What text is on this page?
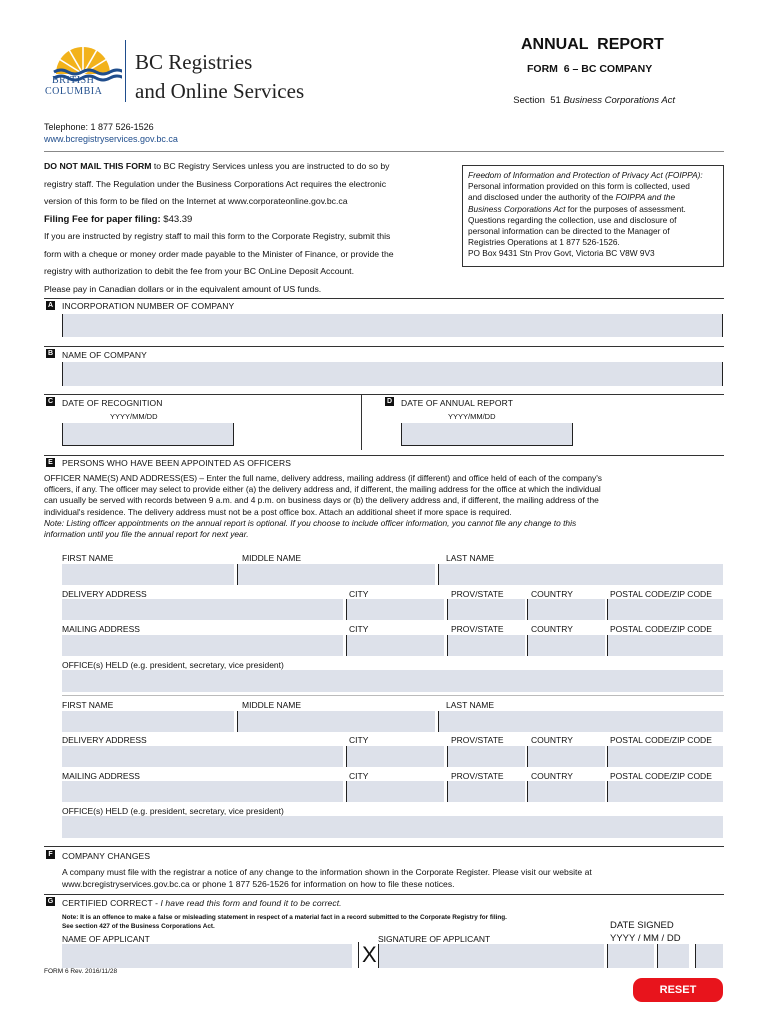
BRITISH
COLUMBIA
BC Registries
and Online Services
ANNUAL  REPORT
FORM  6 – BC COMPANY

Section  51 Business Corporations Act

Telephone: 1 877 526-1526
www.bcregistryservices.gov.bc.ca
DO NOT MAIL THIS FORM to BC Registry Services unless you are instructed to do so by
registry staff. The Regulation under the Business Corporations Act requires the electronic
version of this form to be filed on the Internet at www.corporateonline.gov.bc.ca
Filing Fee for paper filing: $43.39
If you are instructed by registry staff to mail this form to the Corporate Registry, submit this
form with a cheque or money order made payable to the Minister of Finance, or provide the
registry with authorization to debit the fee from your BC OnLine Deposit Account.
Please pay in Canadian dollars or in the equivalent amount of US funds.
Freedom of Information and Protection of Privacy Act (FOIPPA):
Personal information provided on this form is collected, used
and disclosed under the authority of the FOIPPA and the
Business Corporations Act for the purposes of assessment.
Questions regarding the collection, use and disclosure of
personal information can be directed to the Manager of
Registries Operations at 1 877 526-1526.
PO Box 9431 Stn Prov Govt, Victoria BC V8W 9V3
A INCORPORATION NUMBER OF COMPANY
B NAME OF COMPANY
C DATE OF RECOGNITION
YYYY/MM/DD
D DATE OF ANNUAL REPORT
YYYY/MM/DD
E PERSONS WHO HAVE BEEN APPOINTED AS OFFICERS
OFFICER NAME(S) AND ADDRESS(ES) – Enter the full name, delivery address, mailing address (if different) and office held of each of the company's
officers, if any. The officer may select to provide either (a) the delivery address and, if different, the mailing address for the office at which the individual
can usually be served with records between 9 a.m. and 4 p.m. on business days or (b) the delivery address and, if different, the mailing address of the
individual's residence. The delivery address must not be a post office box. Attach an additional sheet if more space is required.
Note: Listing officer appointments on the annual report is optional. If you choose to include officer information, you cannot file any change to this
information until you file the annual report for next year.
FIRST NAME	MIDDLE NAME	LAST NAME
DELIVERY ADDRESS	CITY	PROV/STATE	COUNTRY	POSTAL CODE/ZIP CODE
MAILING ADDRESS	CITY	PROV/STATE	COUNTRY	POSTAL CODE/ZIP CODE
OFFICE(s) HELD (e.g. president, secretary, vice president)
FIRST NAME	MIDDLE NAME	LAST NAME
DELIVERY ADDRESS	CITY	PROV/STATE	COUNTRY	POSTAL CODE/ZIP CODE
MAILING ADDRESS	CITY	PROV/STATE	COUNTRY	POSTAL CODE/ZIP CODE
OFFICE(s) HELD (e.g. president, secretary, vice president)
F COMPANY CHANGES
A company must file with the registrar a notice of any change to the information shown in the Corporate Register. Please visit our website at
www.bcregistryservices.gov.bc.ca or phone 1 877 526-1526 for information on how to file these notices.
G CERTIFIED CORRECT - I have read this form and found it to be correct.
Note: It is an offence to make a false or misleading statement in respect of a material fact in a record submitted to the Corporate Registry for filing.
See section 427 of the Business Corporations Act.	DATE SIGNED
YYYY / MM / DD
NAME OF APPLICANT	SIGNATURE OF APPLICANT
X
FORM 6 Rev. 2016/11/28
RESET
